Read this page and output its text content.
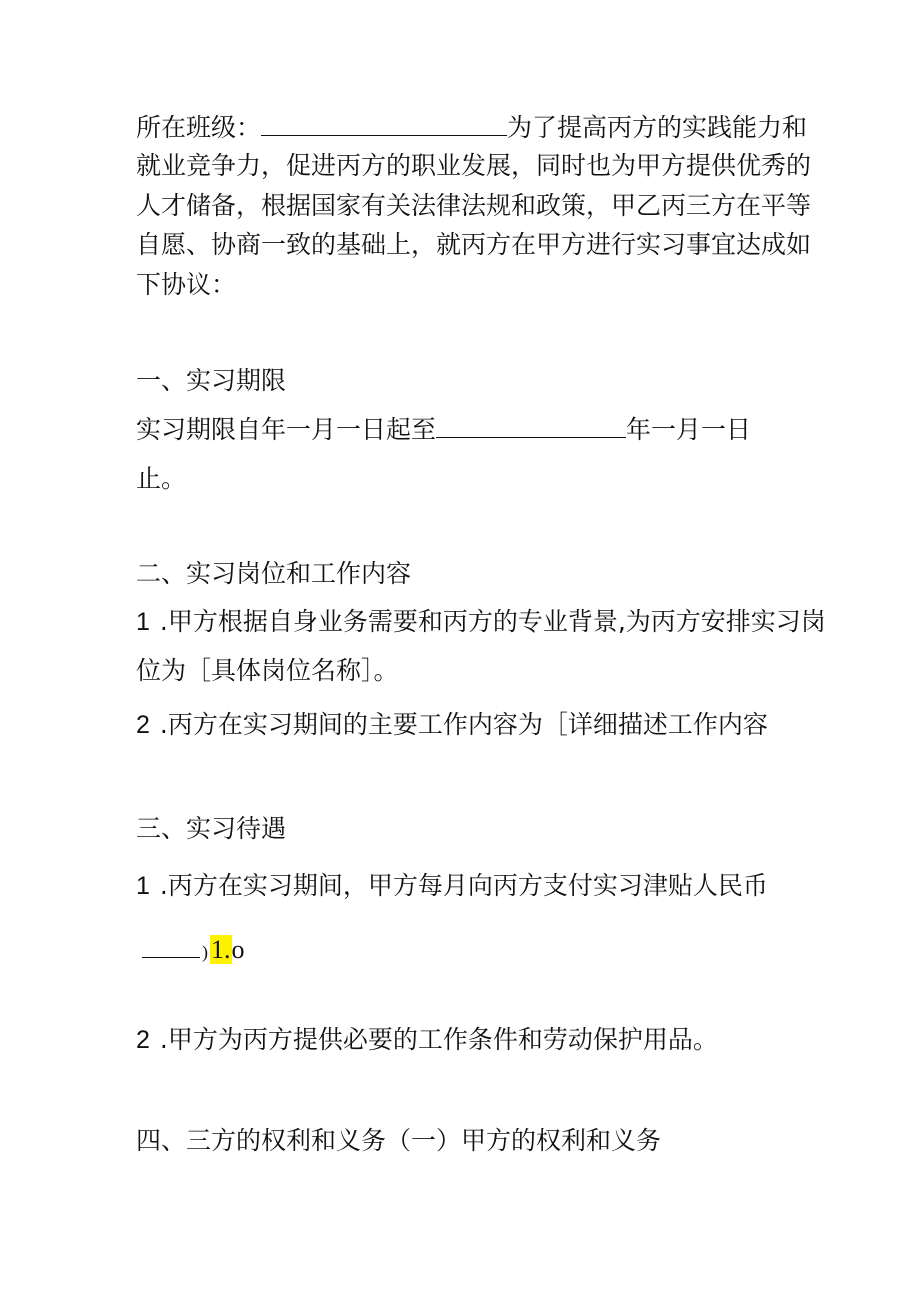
所在班级：	为了提高丙方的实践能力和
就业竞争力，促进丙方的职业发展，同时也为甲方提供优秀的
人才储备，根据国家有关法律法规和政策，甲乙丙三方在平等
自愿、协商一致的基础上，就丙方在甲方进行实习事宜达成如
下协议：
一、实习期限
实习期限自年一月一日起至	年一月一日
止。
二、实习岗位和工作内容
1 .甲方根据自身业务需要和丙方的专业背景,为丙方安排实习岗
位为［具体岗位名称］。
2 .丙方在实习期间的主要工作内容为［详细描述工作内容
三、实习待遇
1 .丙方在实习期间，甲方每月向丙方支付实习津贴人民币
) 1.o
2 .甲方为丙方提供必要的工作条件和劳动保护用品。
四、三方的权利和义务（一）甲方的权利和义务
